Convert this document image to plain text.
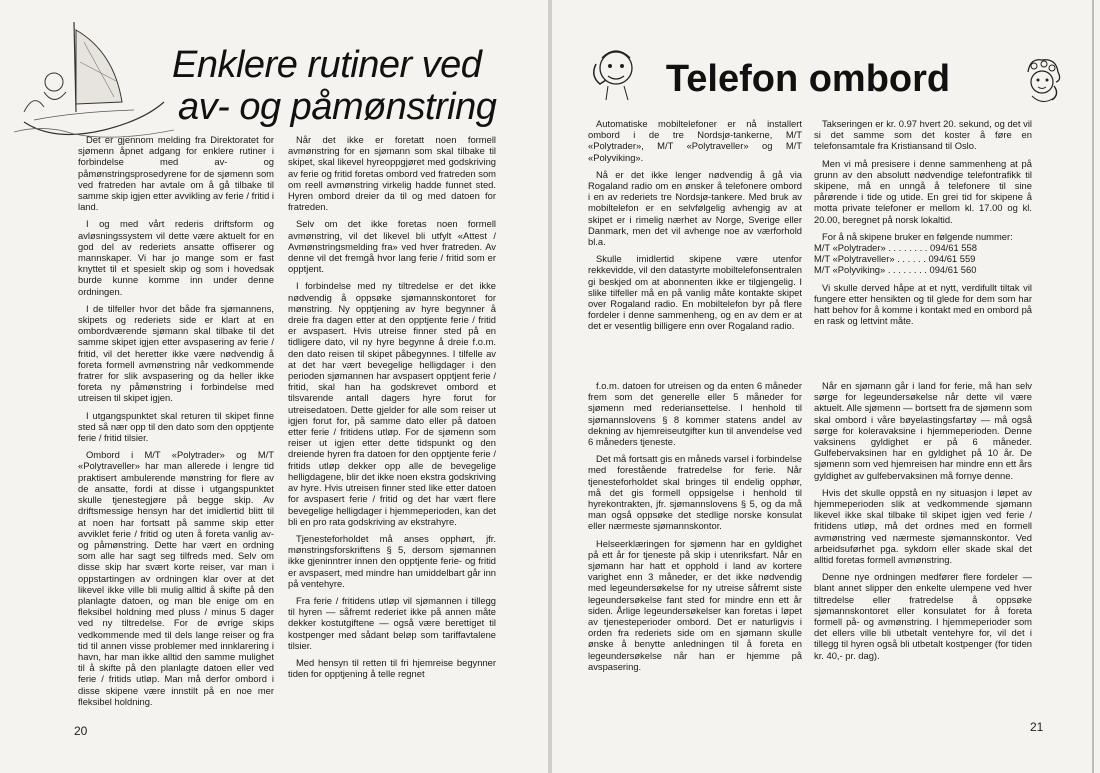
Enklere rutiner ved
av- og påmønstring

Det er gjennom melding fra Direktoratet for sjømenn åpnet adgang for enklere rutiner i forbindelse med av- og påmønstringsprosedyrene for de sjømenn som ved fratreden har avtale om å gå tilbake til samme skip igjen etter avvikling av ferie / fritid i land.

I og med vårt rederis driftsform og avløsningssystem vil dette være aktuelt for en god del av rederiets ansatte offiserer og mannskaper. Vi har jo mange som er fast knyttet til et spesielt skip og som i hovedsak burde kunne komme inn under denne ordningen.

I de tilfeller hvor det både fra sjømannens, skipets og rederiets side er klart at en ombordværende sjømann skal tilbake til det samme skipet igjen etter avspasering av ferie / fritid, vil det heretter ikke være nødvendig å foreta formell avmønstring når vedkommende fratrer for slik avspasering og da heller ikke foreta ny påmønstring i forbindelse med utreisen til skipet igjen.

I utgangspunktet skal returen til skipet finne sted så nær opp til den dato som den opptjente ferie / fritid tilsier.

Ombord i M/T «Polytrader» og M/T «Polytraveller» har man allerede i lengre tid praktisert ambulerende mønstring for flere av de ansatte, fordi at disse i utgangspunktet skulle tjenestegjøre på begge skip. Av driftsmessige hensyn har det imidlertid blitt til at noen har fortsatt på samme skip etter avviklet ferie / fritid og uten å foreta vanlig av- og påmønstring. Dette har vært en ordning som alle har sagt seg tilfreds med. Selv om disse skip har svært korte reiser, var man i oppstartingen av ordningen klar over at det likevel ikke ville bli mulig alltid å skifte på den planlagte datoen, og man ble enige om en fleksibel holdning med pluss / minus 5 dager ved ny tiltredelse. For de øvrige skips vedkommende med til dels lange reiser og fra tid til annen visse problemer med innklarering i havn, har man ikke alltid den samme mulighet til å skifte på den planlagte datoen eller ved ferie / fritids utløp. Man må derfor ombord i disse skipene være innstilt på en noe mer fleksibel holdning.

Når det ikke er foretatt noen formell avmønstring for en sjømann som skal tilbake til skipet, skal likevel hyreoppgjøret med godskriving av ferie og fritid foretas ombord ved fratreden som om reell avmønstring virkelig hadde funnet sted. Hyren ombord dreier da til og med datoen for fratreden.

Selv om det ikke foretas noen formell avmønstring, vil det likevel bli utfylt «Attest / Avmønstringsmelding fra» ved hver fratreden. Av denne vil det fremgå hvor lang ferie / fritid som er opptjent.

I forbindelse med ny tiltredelse er det ikke nødvendig å oppsøke sjømannskontoret for mønstring. Ny opptjening av hyre begynner å dreie fra dagen etter at den opptjente ferie / fritid er avspasert. Hvis utreise finner sted på en tidligere dato, vil ny hyre begynne å dreie f.o.m. den dato reisen til skipet påbegynnes. I tilfelle av at det har vært bevegelige helligdager i den perioden sjømannen har avspasert opptjent ferie / fritid, skal han ha godskrevet ombord et tilsvarende antall dagers hyre forut for utreisedatoen. Dette gjelder for alle som reiser ut igjen forut for, på samme dato eller på datoen etter ferie / fritidens utløp. For de sjømenn som reiser ut igjen etter dette tidspunkt og den dreiende hyren fra datoen for den opptjente ferie / fritids utløp dekker opp alle de bevegelige helligdagene, blir det ikke noen ekstra godskriving av hyre. Hvis utreisen finner sted like etter datoen for avspasert ferie / fritid og det har vært flere bevegelige helligdager i hjemmeperioden, kan det bli en pro rata godskriving av ekstrahyre.

Tjenesteforholdet må anses opphørt, jfr. mønstringsforskriftens § 5, dersom sjømannen ikke gjeninntrer innen den opptjente ferie- og fritid er avspasert, med mindre han umiddelbart går inn på ventehyre.

Fra ferie / fritidens utløp vil sjømannen i tillegg til hyren — såfremt rederiet ikke på annen måte dekker kostutgiftene — også være berettiget til kostpenger med sådant beløp som tariffavtalene tilsier.

Med hensyn til retten til fri hjemreise begynner tiden for opptjening å telle regnet

20
Telefon ombord

Automatiske mobiltelefoner er nå installert ombord i de tre Nordsjø-tankerne, M/T «Polytrader», M/T «Polytraveller» og M/T «Polyviking».

Nå er det ikke lenger nødvendig å gå via Rogaland radio om en ønsker å telefonere ombord i en av rederiets tre Nordsjø-tankere. Med bruk av mobiltelefon er en selvfølgelig avhengig av at skipet er i rimelig nærhet av Norge, Sverige eller Danmark, men det vil avhenge noe av værforhold bl.a.

Skulle imidlertid skipene være utenfor rekkevidde, vil den datastyrte mobiltelefonsentralen gi beskjed om at abonnenten ikke er tilgjengelig. I slike tilfeller må en på vanlig måte kontakte skipet over Rogaland radio. En mobiltelefon byr på flere fordeler i denne sammenheng, og en av dem er at det er vesentlig billigere enn over Rogaland radio.

Takseringen er kr. 0.97 hvert 20. sekund, og det vil si det samme som det koster å føre en telefonsamtale fra Kristiansand til Oslo.

Men vi må presisere i denne sammenheng at på grunn av den absolutt nødvendige telefontrafikk til skipene, må en unngå å telefonere til sine pårørende i tide og utide. En grei tid for skipene å motta private telefoner er mellom kl. 17.00 og kl. 20.00, beregnet på norsk lokaltid.

For å nå skipene bruker en følgende nummer:

M/T «Polytrader» . . . . . . . . 094/61 558
M/T «Polytraveller» . . . . . . 094/61 559
M/T «Polyviking» . . . . . . . . 094/61 560

Vi skulle derved håpe at et nytt, verdifullt tiltak vil fungere etter hensikten og til glede for dem som har hatt behov for å komme i kontakt med en ombord på en rask og lettvint måte.

f.o.m. datoen for utreisen og da enten 6 måneder frem som det generelle eller 5 måneder for sjømenn med rederiansettelse. I henhold til sjømannslovens § 8 kommer statens andel av dekning av hjemreiseutgifter kun til anvendelse ved 6 måneders tjeneste.

Det må fortsatt gis en måneds varsel i forbindelse med forestående fratredelse for ferie. Når tjenesteforholdet skal bringes til endelig opphør, må det gis formell oppsigelse i henhold til hyrekontrakten, jfr. sjømannslovens § 5, og da må man også oppsøke det stedlige norske konsulat eller nærmeste sjømannskontor.

Helseerklæringen for sjømenn har en gyldighet på ett år for tjeneste på skip i utenriksfart. Når en sjømann har hatt et opphold i land av kortere varighet enn 3 måneder, er det ikke nødvendig med legeundersøkelse for ny utreise såfremt siste legeundersøkelse fant sted for mindre enn ett år siden. Årlige legeundersøkelser kan foretas i løpet av tjenesteperioder ombord. Det er naturligvis i orden fra rederiets side om en sjømann skulle ønske å benytte anledningen til å foreta en legeundersøkelse når han er hjemme på avspasering.

Når en sjømann går i land for ferie, må han selv sørge for legeundersøkelse når dette vil være aktuelt. Alle sjømenn — bortsett fra de sjømenn som skal ombord i våre bøyelastingsfartøy — må også sørge for koleravaksine i hjemmeperioden. Denne vaksinens gyldighet er på 6 måneder. Gulfebervaksinen har en gyldighet på 10 år. De sjømenn som ved hjemreisen har mindre enn ett års gyldighet av gulfebervaksinen må fornye denne.

Hvis det skulle oppstå en ny situasjon i løpet av hjemmeperioden slik at vedkommende sjømann likevel ikke skal tilbake til skipet igjen ved ferie / fritidens utløp, må det ordnes med en formell avmønstring ved nærmeste sjømannskontor. Ved arbeidsuførhet pga. sykdom eller skade skal det alltid foretas formell avmønstring.

Denne nye ordningen medfører flere fordeler — blant annet slipper den enkelte ulempene ved hver tiltredelse eller fratredelse å oppsøke sjømannskontoret eller konsulatet for å foreta formell på- og avmønstring. I hjemmeperioder som det ellers ville bli utbetalt ventehyre for, vil det i tillegg til hyren også bli utbetalt kostpenger (for tiden kr. 40,- pr. dag).

21
